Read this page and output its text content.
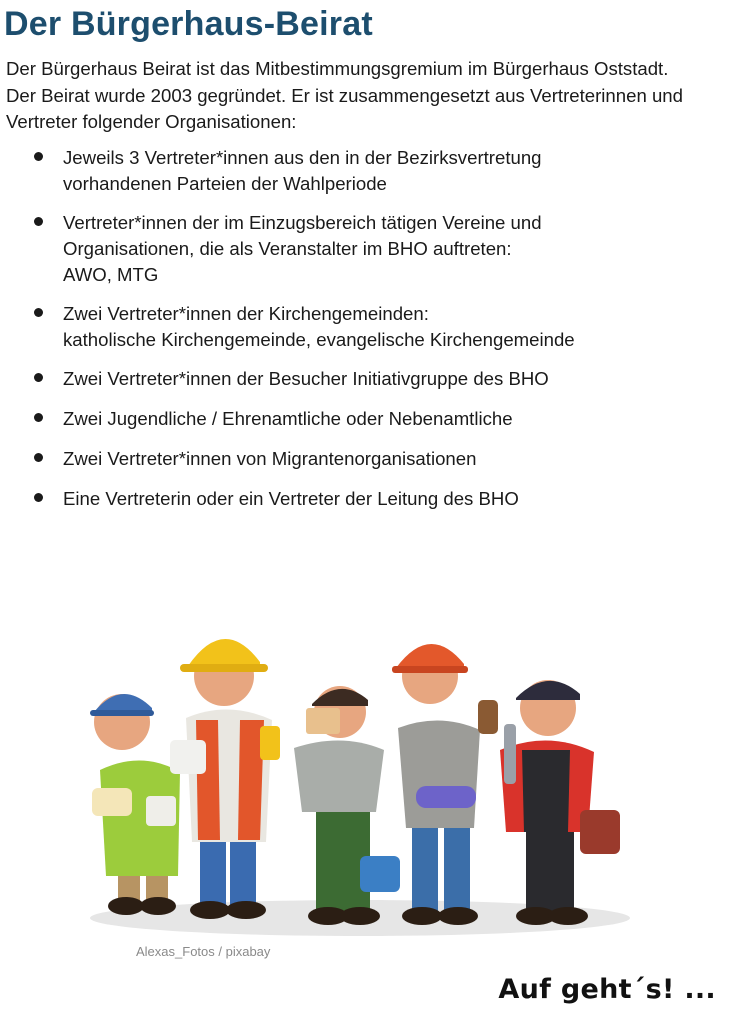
Der Bürgerhaus-Beirat

Der Bürgerhaus Beirat ist das Mitbestimmungsgremium im Bürgerhaus Oststadt.
Der Beirat wurde 2003 gegründet. Er ist zusammengesetzt aus Vertreterinnen und
Vertreter folgender Organisationen:

Jeweils 3 Vertreter*innen aus den in der Bezirksvertretung
vorhandenen Parteien der Wahlperiode
Vertreter*innen der im Einzugsbereich tätigen Vereine und
Organisationen, die als Veranstalter im BHO auftreten:
AWO, MTG
Zwei Vertreter*innen der Kirchengemeinden:
katholische Kirchengemeinde, evangelische Kirchengemeinde
Zwei Vertreter*innen der Besucher Initiativgruppe des BHO
Zwei Jugendliche / Ehrenamtliche oder Nebenamtliche
Zwei Vertreter*innen von Migrantenorganisationen
Eine Vertreterin oder ein Vertreter der Leitung des BHO
Alexas_Fotos / pixabay
Auf geht´s! ...
